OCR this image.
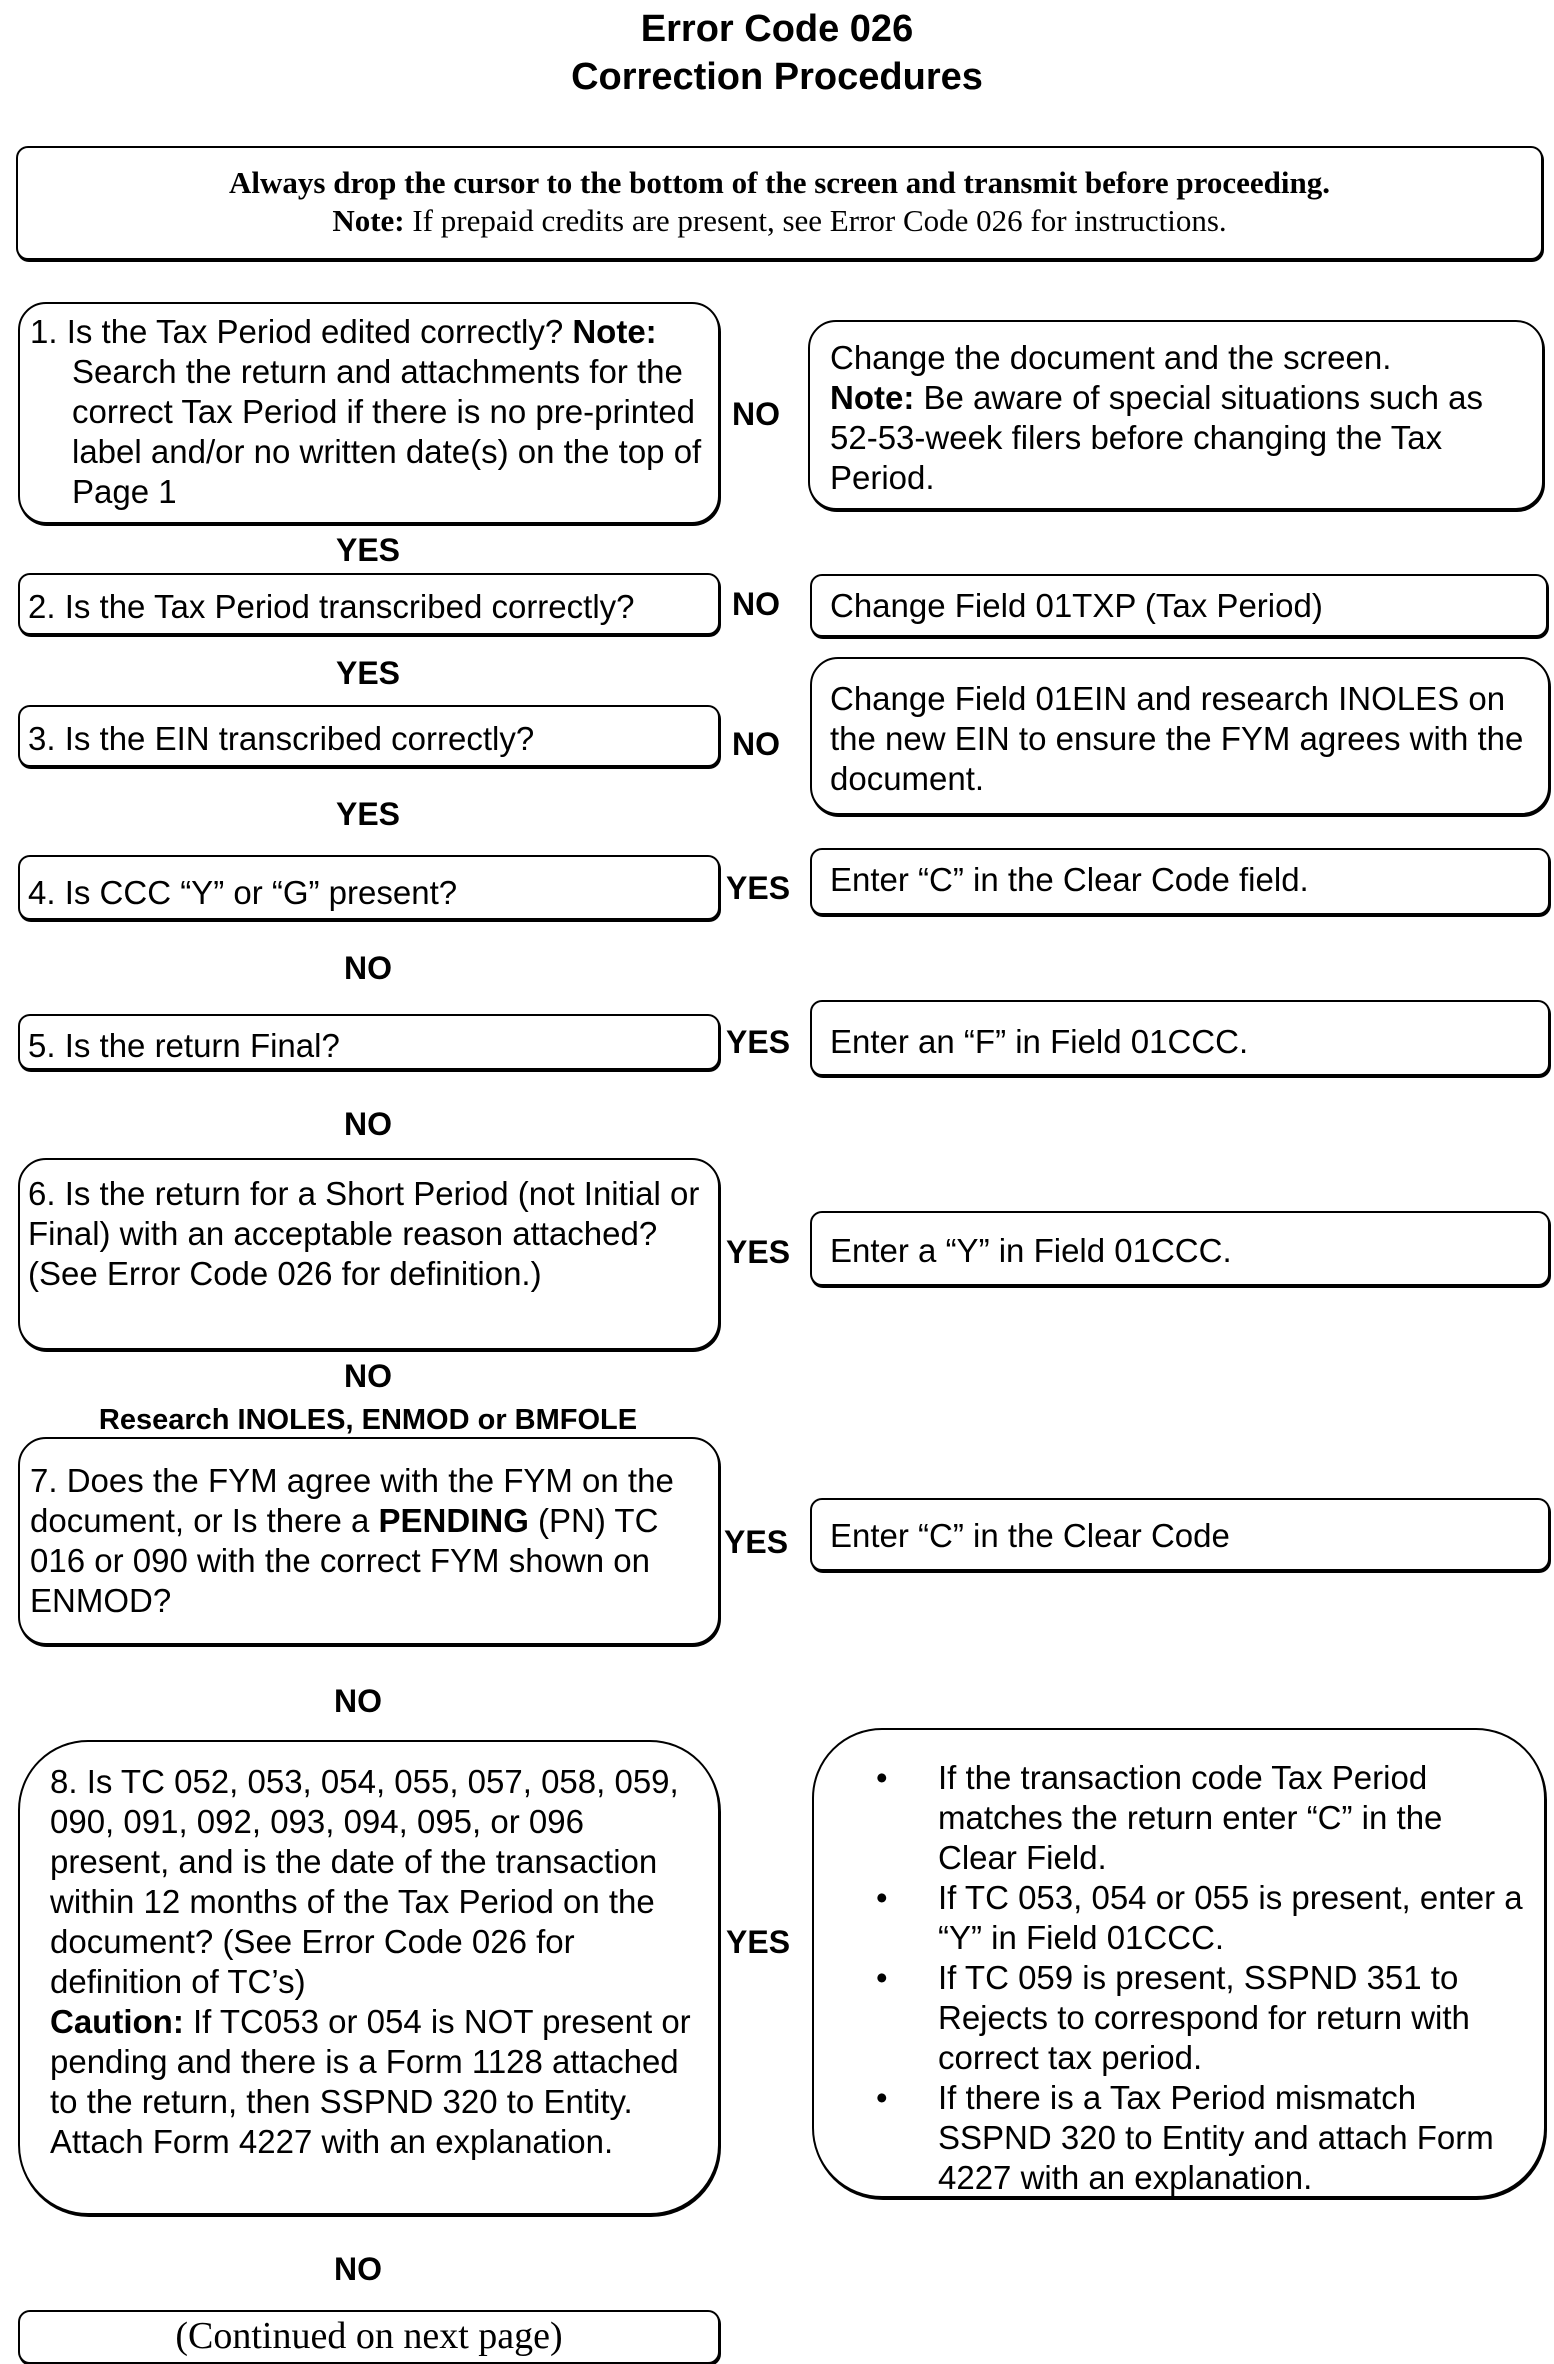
Error Code 026
Correction Procedures
Always drop the cursor to the bottom of the screen and transmit before proceeding.
Note: If prepaid credits are present, see Error Code 026 for instructions.
1. Is the Tax Period edited correctly? Note: Search the return and attachments for the correct Tax Period if there is no pre-printed label and/or no written date(s) on the top of Page 1
NO
Change the document and the screen.
Note: Be aware of special situations such as 52-53-week filers before changing the Tax Period.
YES
2. Is the Tax Period transcribed correctly?	NO	Change Field 01TXP (Tax Period)
YES
3. Is the EIN transcribed correctly?	NO
Change Field 01EIN and research INOLES on the new EIN to ensure the FYM agrees with the document.
YES
4. Is CCC “Y” or “G” present?	YES	Enter “C” in the Clear Code field.
NO
5. Is the return Final?	YES	Enter an “F” in Field 01CCC.
NO
6. Is the return for a Short Period (not Initial or Final) with an acceptable reason attached? (See Error Code 026 for definition.)
YES	Enter a “Y” in Field 01CCC.
NO
Research INOLES, ENMOD or BMFOLE
7. Does the FYM agree with the FYM on the document, or Is there a PENDING (PN) TC 016 or 090 with the correct FYM shown on ENMOD?
YES	Enter “C” in the Clear Code
NO
8. Is TC 052, 053, 054, 055, 057, 058, 059, 090, 091, 092, 093, 094, 095, or 096 present, and is the date of the transaction within 12 months of the Tax Period on the document? (See Error Code 026 for definition of TC’s)
Caution: If TC053 or 054 is NOT present or pending and there is a Form 1128 attached to the return, then SSPND 320 to Entity. Attach Form 4227 with an explanation.
YES
• If the transaction code Tax Period matches the return enter “C” in the Clear Field.
• If TC 053, 054 or 055 is present, enter a “Y” in Field 01CCC.
• If TC 059 is present, SSPND 351 to Rejects to correspond for return with correct tax period.
• If there is a Tax Period mismatch SSPND 320 to Entity and attach Form 4227 with an explanation.
NO
(Continued on next page)
